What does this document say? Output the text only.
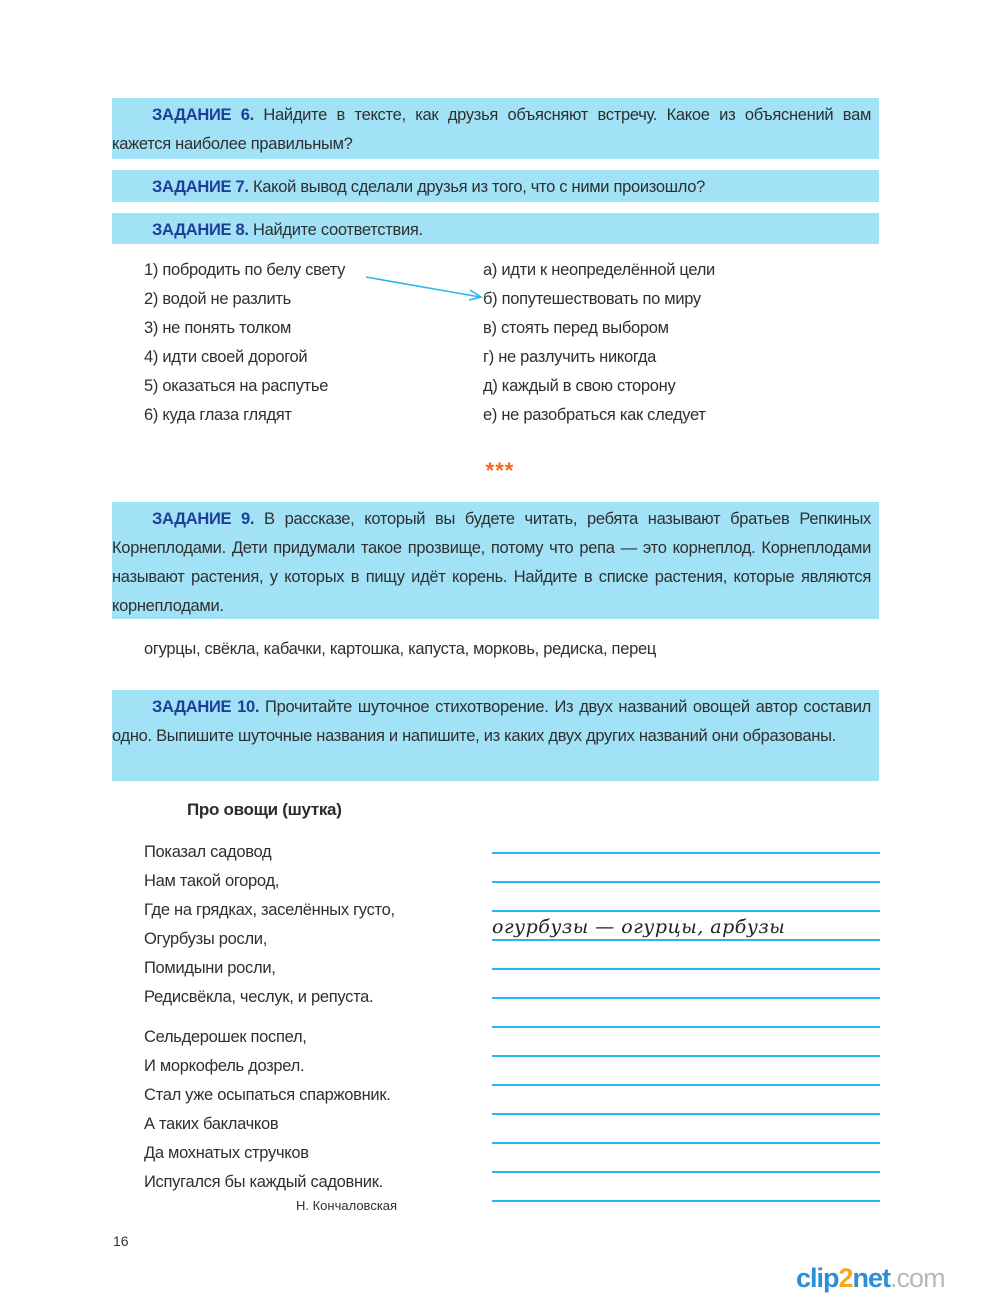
ЗАДАНИЕ 6. Найдите в тексте, как друзья объясняют встречу. Какое из объяснений вам кажется наиболее правильным?
ЗАДАНИЕ 7. Какой вывод сделали друзья из того, что с ними произошло?
ЗАДАНИЕ 8. Найдите соответствия.
1) побродить по белу свету
2) водой не разлить
3) не понять толком
4) идти своей дорогой
5) оказаться на распутье
6) куда глаза глядят
а) идти к неопределённой цели
б) попутешествовать по миру
в) стоять перед выбором
г) не разлучить никогда
д) каждый в свою сторону
е) не разобраться как следует
***
ЗАДАНИЕ 9. В рассказе, который вы будете читать, ребята называют братьев Репкиных Корнеплодами. Дети придумали такое прозвище, потому что репа — это корнеплод. Корнеплодами называют растения, у которых в пищу идёт корень. Найдите в списке растения, которые являются корнеплодами.
огурцы, свёкла, кабачки, картошка, капуста, морковь, редиска, перец
ЗАДАНИЕ 10. Прочитайте шуточное стихотворение. Из двух названий овощей автор составил одно. Выпишите шуточные названия и напишите, из каких двух других названий они образованы.
Про овощи (шутка)
Показал садовод
Нам такой огород,
Где на грядках, заселённых густо,
Огурбузы росли,
Помидыни росли,
Редисвёкла, чеслук, и репуста.
Сельдерошек поспел,
И моркофель дозрел.
Стал уже осыпаться спаржовник.
А таких баклачков
Да мохнатых стручков
Испугался бы каждый садовник.
Н. Кончаловская
огурбузы — огурцы, арбузы
16
clip2net.com
